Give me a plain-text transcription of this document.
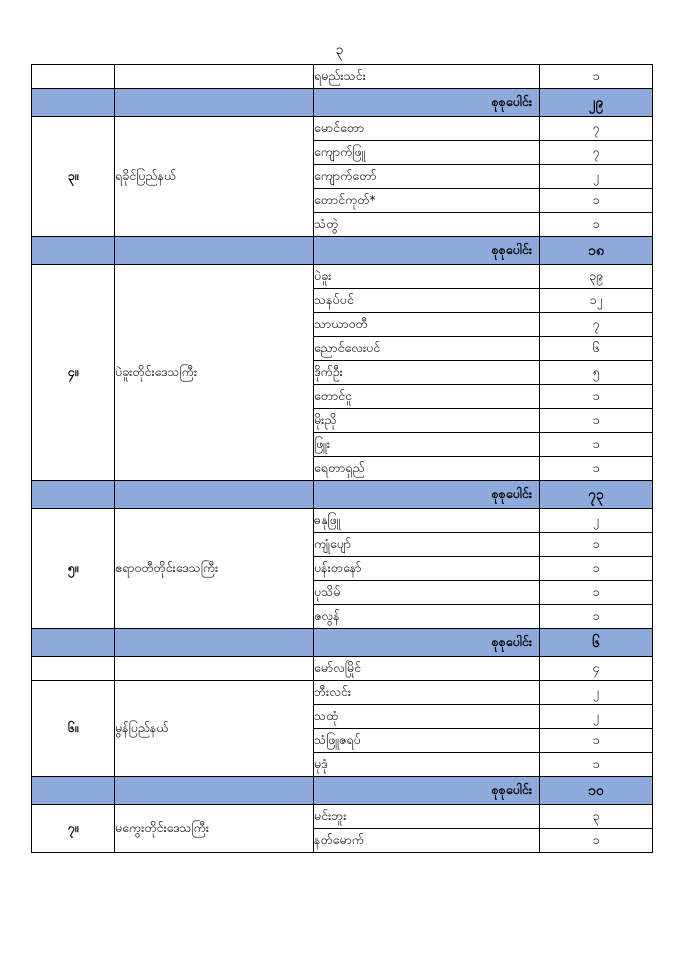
၃
		ရမည်းသင်း	၁
		စုစုပေါင်း	၂၉
၃။	ရခိုင်ပြည်နယ်	မောင်တော	၇
		ကျောက်ဖြူ	၇
		ကျောက်တော်	၂
		တောင်ကုတ်*	၁
		သံတွဲ	၁
		စုစုပေါင်း	၁၈
၄။	ပဲခူးတိုင်းဒေသကြီး	ပဲခူး	၃၉
		သနပ်ပင်	၁၂
		သာယာဝတီ	၇
		ညောင်လေးပင်	၆
		ဒိုက်ဦး	၅
		တောင်ငူ	၁
		မိုးညို	၁
		ဖြူး	၁
		ရေတာရှည်	၁
		စုစုပေါင်း	၇၃
၅။	ဧရာဝတီတိုင်းဒေသကြီး	ဓနုဖြူ	၂
		ကျုံပျော်	၁
		ပန်းတနော်	၁
		ပုသိမ်	၁
		ဇလွန်	၁
		စုစုပေါင်း	၆
		မော်လမြိုင်	၄
၆။	မွန်ပြည်နယ်	ဘီးလင်း	၂
		သထုံ	၂
		သံဖြူဇရပ်	၁
		မုဒုံ	၁
		စုစုပေါင်း	၁၀
၇။	မကွေးတိုင်းဒေသကြီး	မင်းဘူး	၃
		နတ်မောက်	၁
